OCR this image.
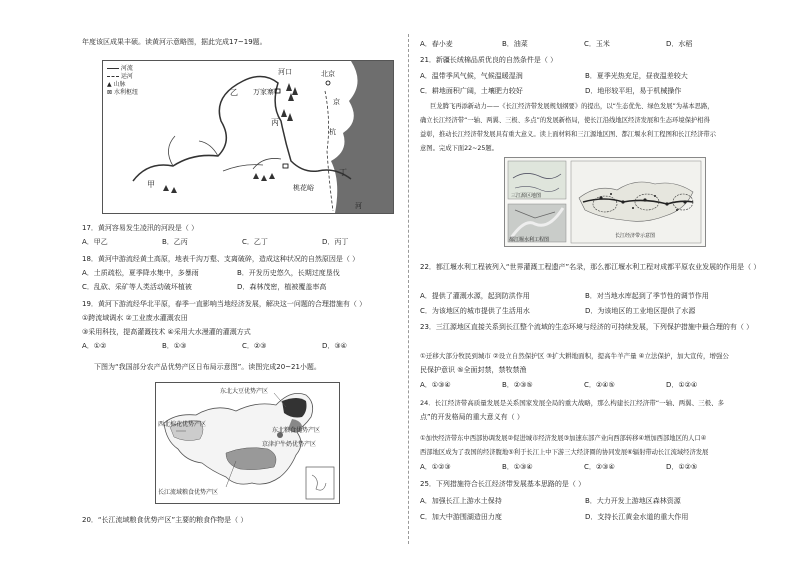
年度该区成果丰硕。读黄河示意略图，据此完成17~19题。
河流
运河
▲ 山脉
⊠ 水利枢纽
河口	北京
乙 万家寨
丙
丁
甲	桃花峪
京
杭
河
17．黄河容易发生凌汛的河段是（ ）
A．甲乙	B．乙丙	C．乙丁	D．丙丁
18．黄河中游流经黄土高原，地表千沟万壑、支离破碎，造成这种状况的自然原因是（ ）
A．土质疏松，夏季降水集中，多暴雨	B．开发历史悠久，长期过度垦伐
C．乱砍、采矿等人类活动破坏植被	D．森林茂密，植被覆盖率高
19．黄河下游流经华北平原，春季一直影响当地经济发展，解决这一问题的合理措施有（ ）
①跨流域调水 ②工业废水灌溉农田
③采用科技，提高灌溉技术 ④采用大水漫灌的灌溉方式
A．①②	B．①③	C．②③	D．③④
下图为“我国部分农产品优势产区日布局示意图”。读图完成20~21小题。
东北大豆优势产区
西北棉花优势产区
东北粮食优势产区
京津沪牛奶优势产区
长江流域粮食优势产区
20．“长江流域粮食优势产区”主要的粮食作物是（ ）
A．春小麦	B．油菜	C．玉米	D．水稻
21．新疆长绒棉品质优良的自然条件是（ ）
A．温带季风气候，气候温暖湿润	B．夏季光热充足，昼夜温差较大
C．耕地面积广阔，土壤肥力较好	D．地形较平坦，易于机械操作
巨龙腾飞再添新动力——《长江经济带发展规划纲要》的提出，以“生态优先、绿色发展”为基本思路，
确立长江经济带“一轴、两翼、三极、多点”的发展新格局，使长江沿线地区经济发展和生态环境保护相得
益彰，推动长江经济带发展具有重大意义。读上面材料和三江源地区图、都江堰水利工程图和长江经济带示
意图。完成下面22~25题。
三江源区地图
都江堰水利工程图
长江经济带示意图
22．都江堰水利工程被列入“世界灌溉工程遗产”名录，那么都江堰水利工程对成都平原农业发展的作用是（ ）
A．提供了灌溉水源，起到防洪作用	B．对当地水库起到了季节性的调节作用
C．为该地区的城市提供了生活用水	D．为该地区的工业地区提供了水源
23．三江源地区直接关系到长江整个流域的生态环境与经济的可持续发展，下列保护措施中最合理的有（ ）
①迁移大部分牧民到城市 ②设立自然保护区 ③扩大耕地面积，提高牛羊产量 ④立法保护，加大宣传，增强公
民保护意识 ⑤全面封禁，禁牧禁渔
A．①③④	B．②③⑤	C．②④⑤	D．①②④
24．长江经济带高质量发展是关系国家发展全局的重大战略，那么构建长江经济带“一轴、两翼、三极、多
点”的开发格局的重大意义有（ ）
①加快经济带东中西部协调发展②促进城市经济发展③加速东部产业向西部转移④增加西部地区的人口④
西部地区成为了我国的经济腹地⑤利于长江上中下游三大经济圈的协同发展⑥辐射带动长江流域经济发展
A．①②③	B．①③④	C．②③④	D．①②⑤
25．下列措施符合长江经济带发展基本思路的是（ ）
A．加强长江上游水土保持	B．大力开发上游地区森林资源
C．加大中游围湖造田力度	D．支持长江黄金水道的重大作用
